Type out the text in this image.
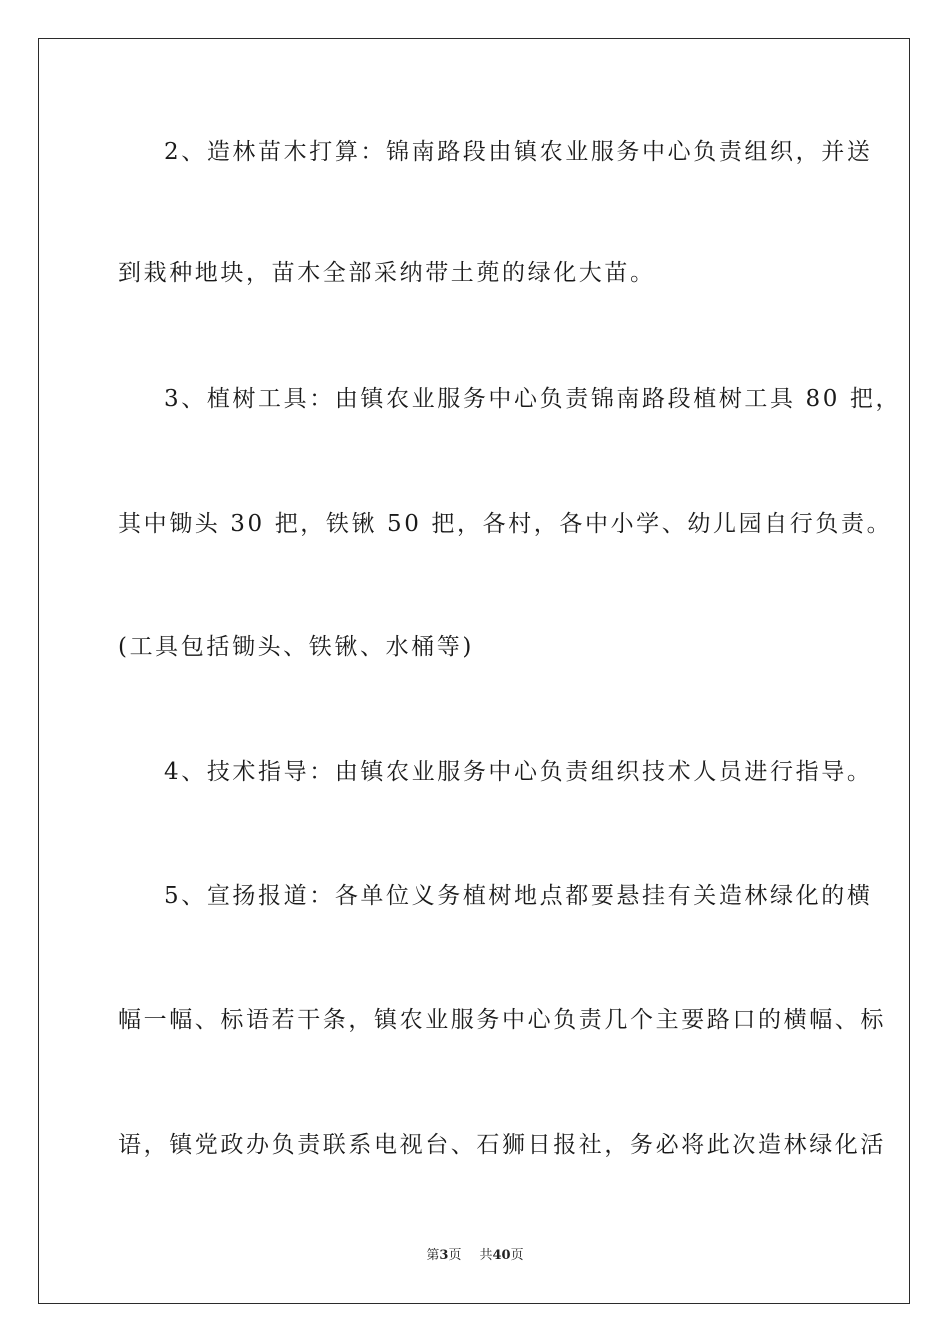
2、造林苗木打算：锦南路段由镇农业服务中心负责组织，并送
到栽种地块，苗木全部采纳带土蔸的绿化大苗。
3、植树工具：由镇农业服务中心负责锦南路段植树工具 80 把，
其中锄头 30 把，铁锹 50 把，各村，各中小学、幼儿园自行负责。
(工具包括锄头、铁锹、水桶等)
4、技术指导：由镇农业服务中心负责组织技术人员进行指导。
5、宣扬报道：各单位义务植树地点都要悬挂有关造林绿化的横
幅一幅、标语若干条，镇农业服务中心负责几个主要路口的横幅、标
语，镇党政办负责联系电视台、石狮日报社，务必将此次造林绿化活
第3页 共40页
